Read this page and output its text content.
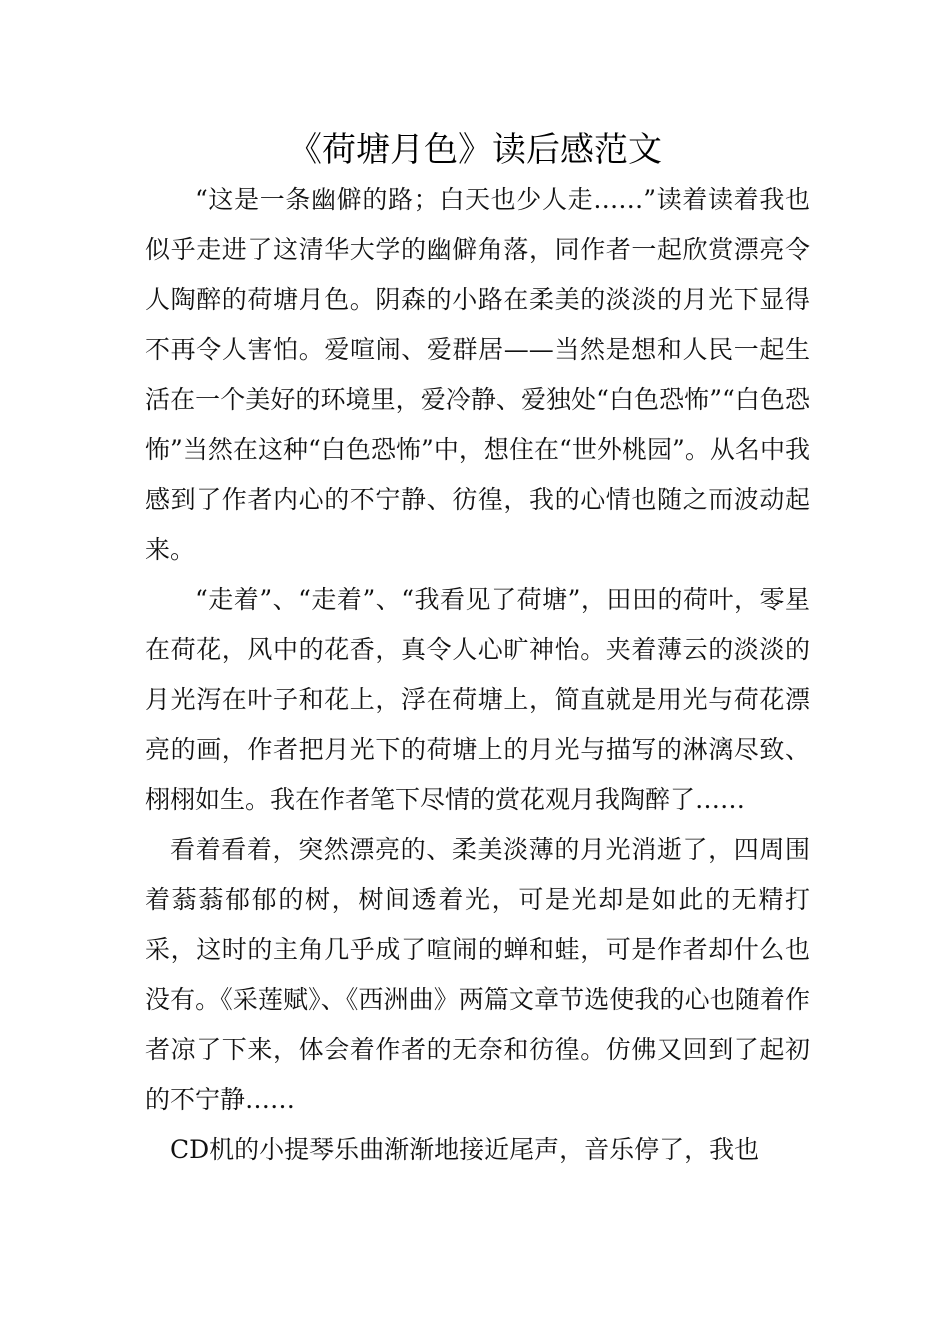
《荷塘月色》读后感范文

“这是一条幽僻的路；白天也少人走……”读着读着我也似乎走进了这清华大学的幽僻角落，同作者一起欣赏漂亮令人陶醉的荷塘月色。阴森的小路在柔美的淡淡的月光下显得不再令人害怕。爱喧闹、爱群居——当然是想和人民一起生活在一个美好的环境里，爱冷静、爱独处“白色恐怖”“白色恐怖”当然在这种“白色恐怖”中，想住在“世外桃园”。从名中我感到了作者内心的不宁静、彷徨，我的心情也随之而波动起来。

“走着”、“走着”、“我看见了荷塘”，田田的荷叶，零星在荷花，风中的花香，真令人心旷神怡。夹着薄云的淡淡的月光泻在叶子和花上，浮在荷塘上，简直就是用光与荷花漂亮的画，作者把月光下的荷塘上的月光与描写的淋漓尽致、栩栩如生。我在作者笔下尽情的赏花观月我陶醉了……

看着看着，突然漂亮的、柔美淡薄的月光消逝了，四周围着蓊蓊郁郁的树，树间透着光，可是光却是如此的无精打采，这时的主角几乎成了喧闹的蝉和蛙，可是作者却什么也没有。《采莲赋》、《西洲曲》两篇文章节选使我的心也随着作者凉了下来，体会着作者的无奈和彷徨。仿佛又回到了起初的不宁静……

CD机的小提琴乐曲渐渐地接近尾声，音乐停了，我也
